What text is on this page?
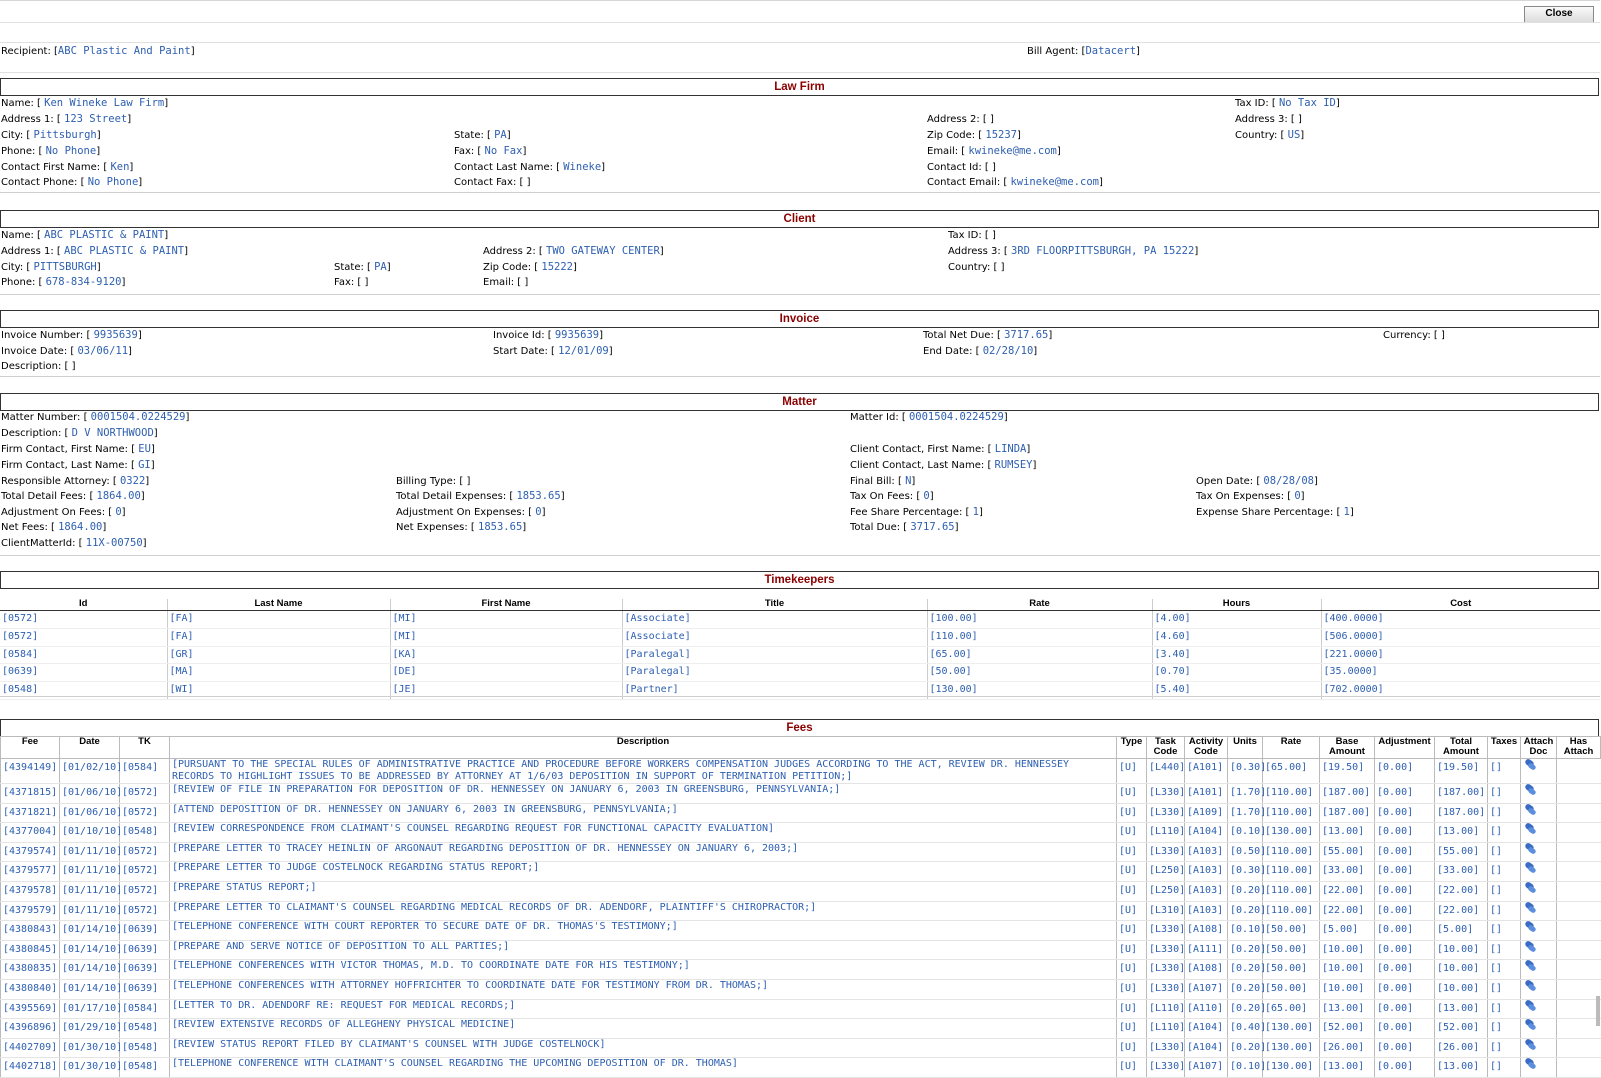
Close
Recipient: [ABC Plastic And Paint]	Bill Agent: [Datacert]
Law Firm
Name: [ Ken Wineke Law Firm]	Tax ID: [ No Tax ID]
Address 1: [ 123 Street]	Address 2: [ ]	Address 3: [ ]
City: [ Pittsburgh]	State: [ PA]	Zip Code: [ 15237]	Country: [ US]
Phone: [ No Phone]	Fax: [ No Fax]	Email: [ kwineke@me.com]
Contact First Name: [ Ken]	Contact Last Name: [ Wineke]	Contact Id: [ ]
Contact Phone: [ No Phone]	Contact Fax: [ ]	Contact Email: [ kwineke@me.com]
Client
Name: [ ABC PLASTIC & PAINT]	Tax ID: [ ]
Address 1: [ ABC PLASTIC & PAINT]	Address 2: [ TWO GATEWAY CENTER]	Address 3: [ 3RD FLOORPITTSBURGH, PA 15222]
City: [ PITTSBURGH]	State: [ PA]	Zip Code: [ 15222]	Country: [ ]
Phone: [ 678-834-9120]	Fax: [ ]	Email: [ ]
Invoice
Invoice Number: [ 9935639]	Invoice Id: [ 9935639]	Total Net Due: [ 3717.65]	Currency: [ ]
Invoice Date: [ 03/06/11]	Start Date: [ 12/01/09]	End Date: [ 02/28/10]
Description: [ ]
Matter
Matter Number: [ 0001504.0224529]	Matter Id: [ 0001504.0224529]
Description: [ D V NORTHWOOD]
Firm Contact, First Name: [ EU]	Client Contact, First Name: [ LINDA]
Firm Contact, Last Name: [ GI]	Client Contact, Last Name: [ RUMSEY]
Responsible Attorney: [ 0322]	Billing Type: [ ]	Final Bill: [ N]	Open Date: [ 08/28/08]
Total Detail Fees: [ 1864.00]	Total Detail Expenses: [ 1853.65]	Tax On Fees: [ 0]	Tax On Expenses: [ 0]
Adjustment On Fees: [ 0]	Adjustment On Expenses: [ 0]	Fee Share Percentage: [ 1]	Expense Share Percentage: [ 1]
Net Fees: [ 1864.00]	Net Expenses: [ 1853.65]	Total Due: [ 3717.65]
ClientMatterId: [ 11X-00750]
Timekeepers
Id	Last Name	First Name	Title	Rate	Hours	Cost
[0572]	[FA]	[MI]	[Associate]	[100.00]	[4.00]	[400.0000]
[0572]	[FA]	[MI]	[Associate]	[110.00]	[4.60]	[506.0000]
[0584]	[GR]	[KA]	[Paralegal]	[65.00]	[3.40]	[221.0000]
[0639]	[MA]	[DE]	[Paralegal]	[50.00]	[0.70]	[35.0000]
[0548]	[WI]	[JE]	[Partner]	[130.00]	[5.40]	[702.0000]
Fees
Fee	Date	TK	Description	Type	Task Code	Activity Code	Units	Rate	Base Amount	Adjustment	Total Amount	Taxes	Attach Doc	Has Attach
[4394149]	[01/02/10]	[0584]	[PURSUANT TO THE SPECIAL RULES OF ADMINISTRATIVE PRACTICE AND PROCEDURE BEFORE WORKERS COMPENSATION JUDGES ACCORDING TO THE ACT, REVIEW DR. HENNESSEY RECORDS TO HIGHLIGHT ISSUES TO BE ADDRESSED BY ATTORNEY AT 1/6/03 DEPOSITION IN SUPPORT OF TERMINATION PETITION;]	[U]	[L440]	[A101]	[0.30]	[65.00]	[19.50]	[0.00]	[19.50]	[]		
[4371815]	[01/06/10]	[0572]	[REVIEW OF FILE IN PREPARATION FOR DEPOSITION OF DR. HENNESSEY ON JANUARY 6, 2003 IN GREENSBURG, PENNSYLVANIA;]	[U]	[L330]	[A101]	[1.70]	[110.00]	[187.00]	[0.00]	[187.00]	[]		
[4371821]	[01/06/10]	[0572]	[ATTEND DEPOSITION OF DR. HENNESSEY ON JANUARY 6, 2003 IN GREENSBURG, PENNSYLVANIA;]	[U]	[L330]	[A109]	[1.70]	[110.00]	[187.00]	[0.00]	[187.00]	[]		
[4377004]	[01/10/10]	[0548]	[REVIEW CORRESPONDENCE FROM CLAIMANT'S COUNSEL REGARDING REQUEST FOR FUNCTIONAL CAPACITY EVALUATION]	[U]	[L110]	[A104]	[0.10]	[130.00]	[13.00]	[0.00]	[13.00]	[]		
[4379574]	[01/11/10]	[0572]	[PREPARE LETTER TO TRACEY HEINLIN OF ARGONAUT REGARDING DEPOSITION OF DR. HENNESSEY ON JANUARY 6, 2003;]	[U]	[L330]	[A103]	[0.50]	[110.00]	[55.00]	[0.00]	[55.00]	[]		
[4379577]	[01/11/10]	[0572]	[PREPARE LETTER TO JUDGE COSTELNOCK REGARDING STATUS REPORT;]	[U]	[L250]	[A103]	[0.30]	[110.00]	[33.00]	[0.00]	[33.00]	[]		
[4379578]	[01/11/10]	[0572]	[PREPARE STATUS REPORT;]	[U]	[L250]	[A103]	[0.20]	[110.00]	[22.00]	[0.00]	[22.00]	[]		
[4379579]	[01/11/10]	[0572]	[PREPARE LETTER TO CLAIMANT'S COUNSEL REGARDING MEDICAL RECORDS OF DR. ADENDORF, PLAINTIFF'S CHIROPRACTOR;]	[U]	[L310]	[A103]	[0.20]	[110.00]	[22.00]	[0.00]	[22.00]	[]		
[4380843]	[01/14/10]	[0639]	[TELEPHONE CONFERENCE WITH COURT REPORTER TO SECURE DATE OF DR. THOMAS'S TESTIMONY;]	[U]	[L330]	[A108]	[0.10]	[50.00]	[5.00]	[0.00]	[5.00]	[]		
[4380845]	[01/14/10]	[0639]	[PREPARE AND SERVE NOTICE OF DEPOSITION TO ALL PARTIES;]	[U]	[L330]	[A111]	[0.20]	[50.00]	[10.00]	[0.00]	[10.00]	[]		
[4380835]	[01/14/10]	[0639]	[TELEPHONE CONFERENCES WITH VICTOR THOMAS, M.D. TO COORDINATE DATE FOR HIS TESTIMONY;]	[U]	[L330]	[A108]	[0.20]	[50.00]	[10.00]	[0.00]	[10.00]	[]		
[4380840]	[01/14/10]	[0639]	[TELEPHONE CONFERENCES WITH ATTORNEY HOFFRICHTER TO COORDINATE DATE FOR TESTIMONY FROM DR. THOMAS;]	[U]	[L330]	[A107]	[0.20]	[50.00]	[10.00]	[0.00]	[10.00]	[]		
[4395569]	[01/17/10]	[0584]	[LETTER TO DR. ADENDORF RE: REQUEST FOR MEDICAL RECORDS;]	[U]	[L110]	[A110]	[0.20]	[65.00]	[13.00]	[0.00]	[13.00]	[]		
[4396896]	[01/29/10]	[0548]	[REVIEW EXTENSIVE RECORDS OF ALLEGHENY PHYSICAL MEDICINE]	[U]	[L110]	[A104]	[0.40]	[130.00]	[52.00]	[0.00]	[52.00]	[]		
[4402709]	[01/30/10]	[0548]	[REVIEW STATUS REPORT FILED BY CLAIMANT'S COUNSEL WITH JUDGE COSTELNOCK]	[U]	[L330]	[A104]	[0.20]	[130.00]	[26.00]	[0.00]	[26.00]	[]		
[4402718]	[01/30/10]	[0548]	[TELEPHONE CONFERENCE WITH CLAIMANT'S COUNSEL REGARDING THE UPCOMING DEPOSITION OF DR. THOMAS]	[U]	[L330]	[A107]	[0.10]	[130.00]	[13.00]	[0.00]	[13.00]	[]		
